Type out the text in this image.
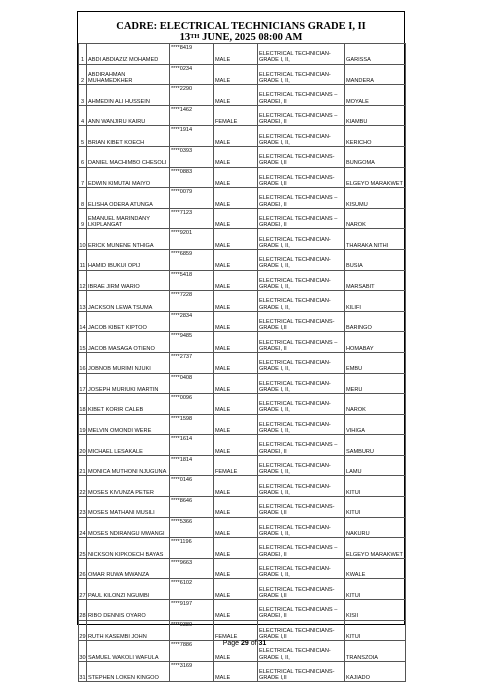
CADRE: ELECTRICAL TECHNICIANS GRADE I, II
13TH JUNE, 2025 08:00 AM
1	ABDI ABDIAZIZ MOHAMED	****8419	MALE	ELECTRICAL TECHNICIAN-GRADE I, II,	GARISSA
2	ABDIRAHMAN MUHAMEDKHER	****0234	MALE	ELECTRICAL TECHNICIAN-GRADE I, II,	MANDERA
3	AHMEDIN ALI HUSSEIN	****2290	MALE	ELECTRICAL TECHNICIANS – GRADEI, II	MOYALE
4	ANN WANJIRU KAIRU	****1462	FEMALE	ELECTRICAL TECHNICIANS – GRADEI, II	KIAMBU
5	BRIAN KIBET KOECH	****1914	MALE	ELECTRICAL TECHNICIAN-GRADE I, II,	KERICHO
6	DANIEL MACHIMBO CHESOLI	****0393	MALE	ELECTRICAL TECHNICIANS- GRADE I,II	BUNGOMA
7	EDWIN KIMUTAI MAIYO	****0883	MALE	ELECTRICAL TECHNICIANS- GRADE I,II	ELGEYO MARAKWET
8	ELISHA ODERA ATUNGA	****0079	MALE	ELECTRICAL TECHNICIANS – GRADEI, II	KISUMU
9	EMANUEL MARINDANY LKIPLANGAT	****7123	MALE	ELECTRICAL TECHNICIANS – GRADEI, II	NAROK
10	ERICK MUNENE NTHIGA	****9201	MALE	ELECTRICAL TECHNICIAN-GRADE I, II,	THARAKA NITHI
11	HAMID IBUKUI OPIJ	****6859	MALE	ELECTRICAL TECHNICIAN-GRADE I, II,	BUSIA
12	IBRAE JIRM WARIO	****5418	MALE	ELECTRICAL TECHNICIAN-GRADE I, II,	MARSABIT
13	JACKSON LEWA TSUMA	****7228	MALE	ELECTRICAL TECHNICIAN-GRADE I, II,	KILIFI
14	JACOB KIBET KIPTOO	****2834	MALE	ELECTRICAL TECHNICIANS- GRADE I,II	BARINGO
15	JACOB MASAGA OTIENO	****9485	MALE	ELECTRICAL TECHNICIANS – GRADEI, II	HOMABAY
16	JOBNOB MURIMI NJUKI	****2737	MALE	ELECTRICAL TECHNICIAN-GRADE I, II,	EMBU
17	JOSEPH MURIUKI MARTIN	****0408	MALE	ELECTRICAL TECHNICIAN-GRADE I, II,	MERU
18	KIBET KORIR CALEB	****0096	MALE	ELECTRICAL TECHNICIAN-GRADE I, II,	NAROK
19	MELVIN OMONDI WERE	****1598	MALE	ELECTRICAL TECHNICIAN-GRADE I, II,	VIHIGA
20	MICHAEL LESAKALE	****1614	MALE	ELECTRICAL TECHNICIANS – GRADEI, II	SAMBURU
21	MONICA MUTHONI NJUGUNA	****1814	FEMALE	ELECTRICAL TECHNICIAN-GRADE I, II,	LAMU
22	MOSES KIVUNZA PETER	****0146	MALE	ELECTRICAL TECHNICIAN-GRADE I, II,	KITUI
23	MOSES MATHANI MUSILI	****8646	MALE	ELECTRICAL TECHNICIANS- GRADE I,II	KITUI
24	MOSES NDIRANGU MWANGI	****5366	MALE	ELECTRICAL TECHNICIAN-GRADE I, II,	NAKURU
25	NICKSON KIPKOECH BAYAS	****1196	MALE	ELECTRICAL TECHNICIANS – GRADEI, II	ELGEYO MARAKWET
26	OMAR RUWA MWANZA	****9663	MALE	ELECTRICAL TECHNICIAN-GRADE I, II,	KWALE
27	PAUL KILONZI NGUMBI	****6102	MALE	ELECTRICAL TECHNICIANS- GRADE I,II	KITUI
28	RIBO DENNIS OYARO	****9197	MALE	ELECTRICAL TECHNICIANS – GRADEI, II	KISII
29	RUTH KASEMBI JOHN	****0380	FEMALE	ELECTRICAL TECHNICIANS- GRADE I,II	KITUI
30	SAMUEL WAKOLI WAFULA	****7886	MALE	ELECTRICAL TECHNICIAN-GRADE I, II,	TRANSZOIA
31	STEPHEN LOKEN KINGOO	****3169	MALE	ELECTRICAL TECHNICIANS- GRADE I,II	KAJIADO
Page 29 of 31
